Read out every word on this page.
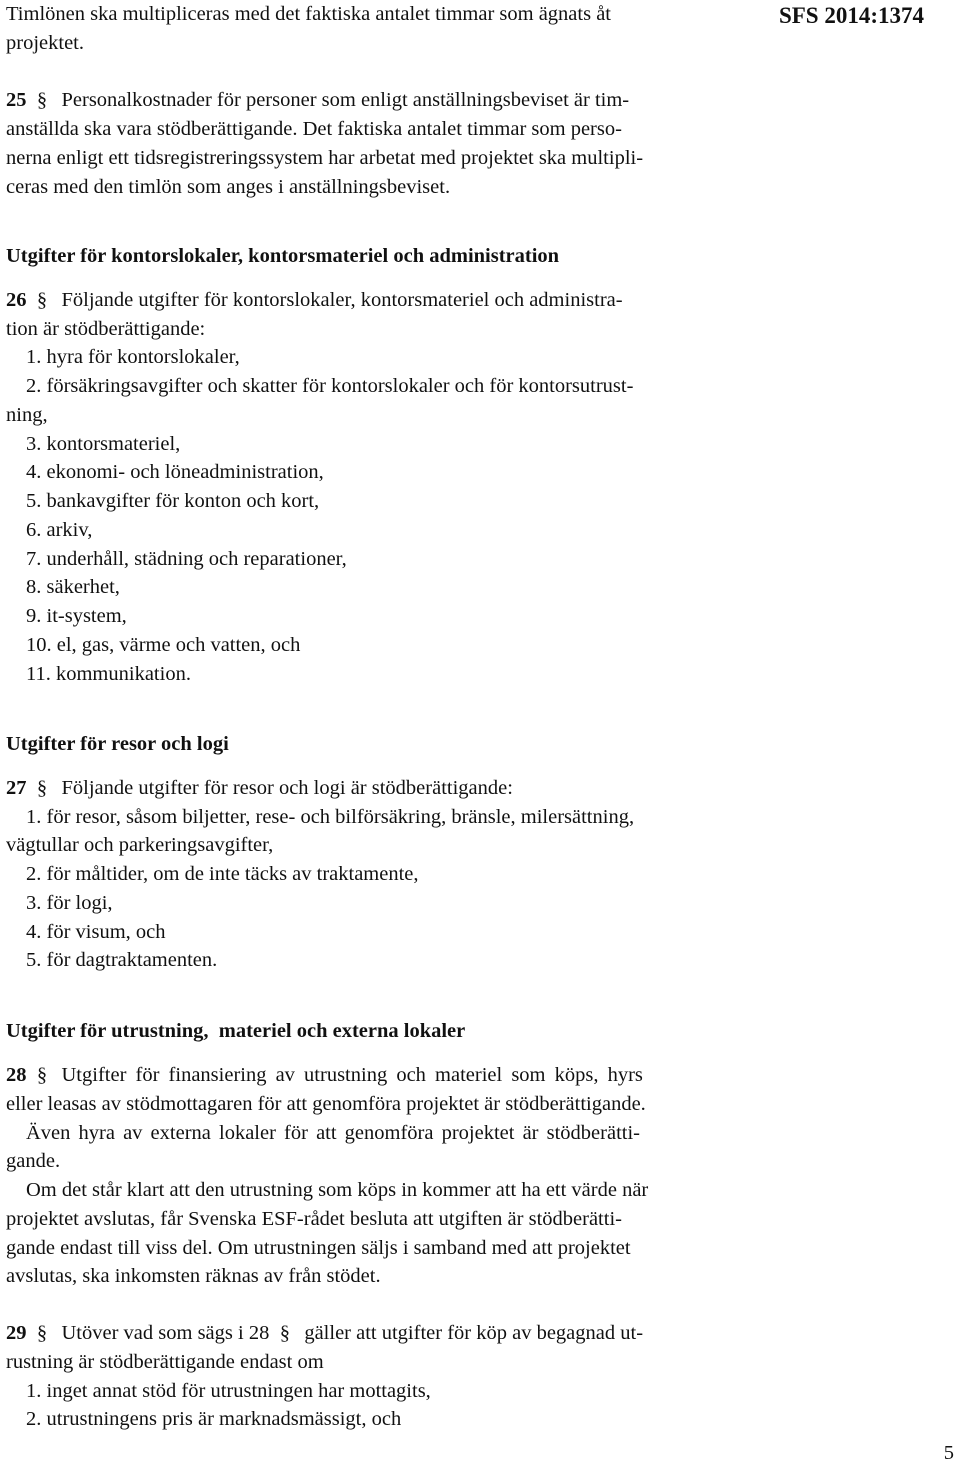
SFS 2014:1374
Timlönen ska multipliceras med det faktiska antalet timmar som ägnats åt
projektet.
25 § Personalkostnader för personer som enligt anställningsbeviset är tim-
anställda ska vara stödberättigande. Det faktiska antalet timmar som perso-
nerna enligt ett tidsregistreringssystem har arbetat med projektet ska multipli-
ceras med den timlön som anges i anställningsbeviset.
Utgifter för kontorslokaler, kontorsmateriel och administration
26 § Följande utgifter för kontorslokaler, kontorsmateriel och administra-
tion är stödberättigande:
1. hyra för kontorslokaler,
2. försäkringsavgifter och skatter för kontorslokaler och för kontorsutrust-
ning,
3. kontorsmateriel,
4. ekonomi- och löneadministration,
5. bankavgifter för konton och kort,
6. arkiv,
7. underhåll, städning och reparationer,
8. säkerhet,
9. it-system,
10. el, gas, värme och vatten, och
11. kommunikation.
Utgifter för resor och logi
27 § Följande utgifter för resor och logi är stödberättigande:
1. för resor, såsom biljetter, rese- och bilförsäkring, bränsle, milersättning,
vägtullar och parkeringsavgifter,
2. för måltider, om de inte täcks av traktamente,
3. för logi,
4. för visum, och
5. för dagtraktamenten.
Utgifter för utrustning,  materiel och externa lokaler
28 § Utgifter för finansiering av utrustning och materiel som köps, hyrs
eller leasas av stödmottagaren för att genomföra projektet är stödberättigande.
Även hyra av externa lokaler för att genomföra projektet är stödberätti-
gande.
Om det står klart att den utrustning som köps in kommer att ha ett värde när
projektet avslutas, får Svenska ESF-rådet besluta att utgiften är stödberätti-
gande endast till viss del. Om utrustningen säljs i samband med att projektet
avslutas, ska inkomsten räknas av från stödet.
29 § Utöver vad som sägs i 28 § gäller att utgifter för köp av begagnad ut-
rustning är stödberättigande endast om
1. inget annat stöd för utrustningen har mottagits,
2. utrustningens pris är marknadsmässigt, och
5
